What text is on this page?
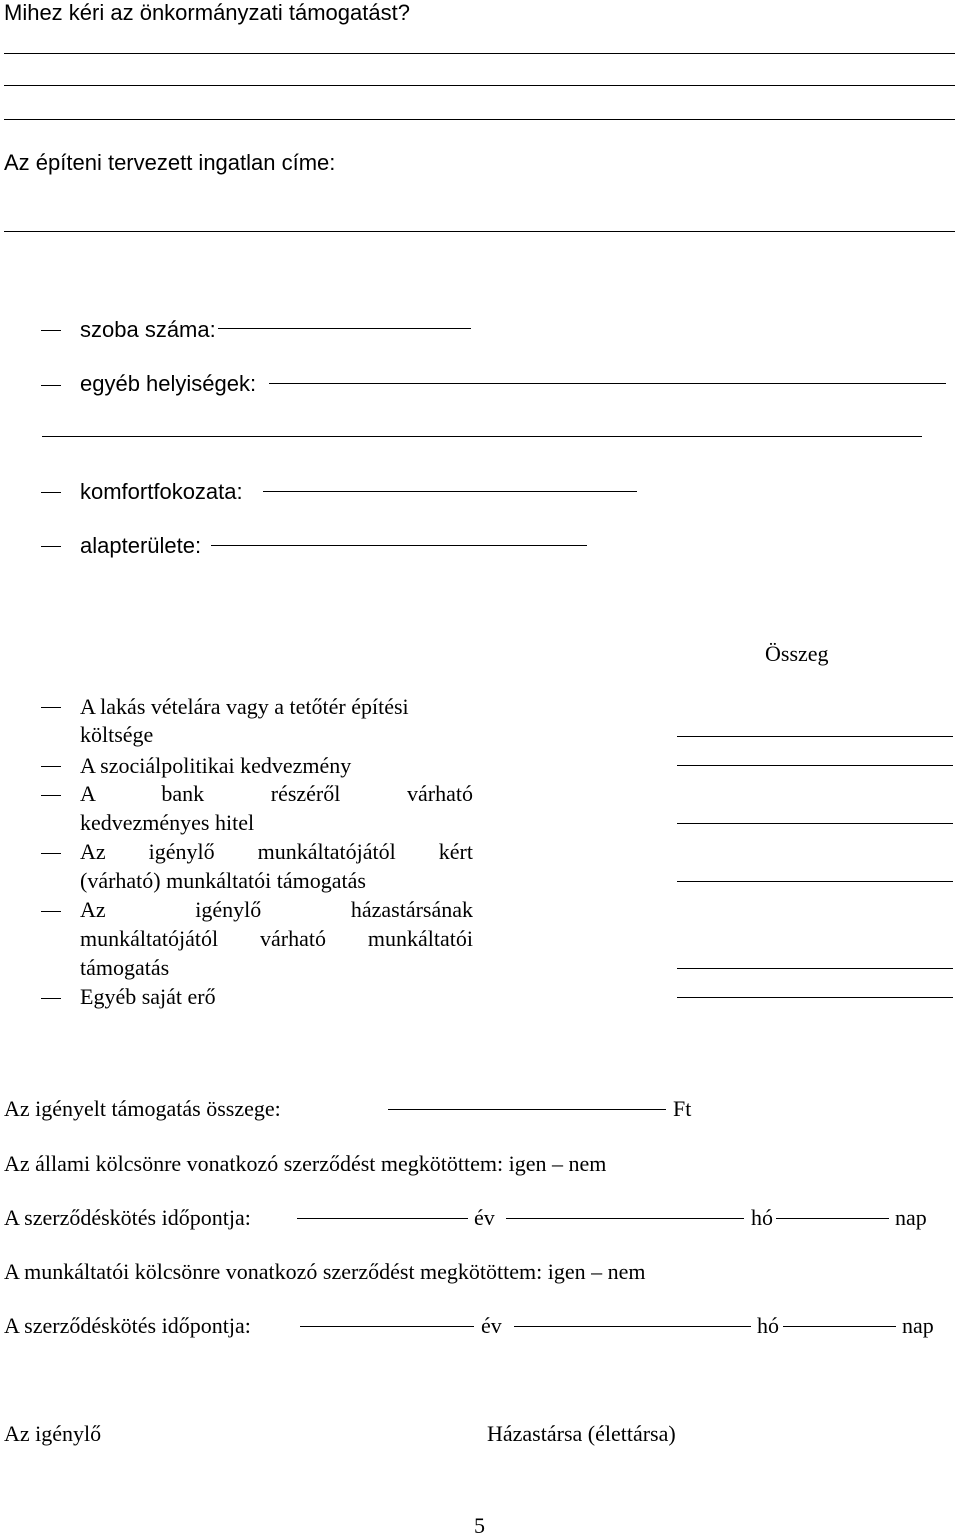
Mihez kéri az önkormányzati támogatást?
Az építeni tervezett ingatlan címe:
szoba száma:
egyéb helyiségek:
komfortfokozata:
alapterülete:
Összeg
A lakás vételára vagy a tetőtér építési
költsége
A szociálpolitikai kedvezmény
A bank részéről várható
kedvezményes hitel
Az igénylő munkáltatójától kért
(várható) munkáltatói támogatás
Az igénylő házastársának
munkáltatójától várható munkáltatói
támogatás
Egyéb saját erő
Az igényelt támogatás összege:	Ft
Az állami kölcsönre vonatkozó szerződést megkötöttem: igen – nem
A szerződéskötés időpontja:	év	hó	nap
A munkáltatói kölcsönre vonatkozó szerződést megkötöttem: igen – nem
A szerződéskötés időpontja:	év	hó	nap
Az igénylő	Házastársa (élettársa)
5
